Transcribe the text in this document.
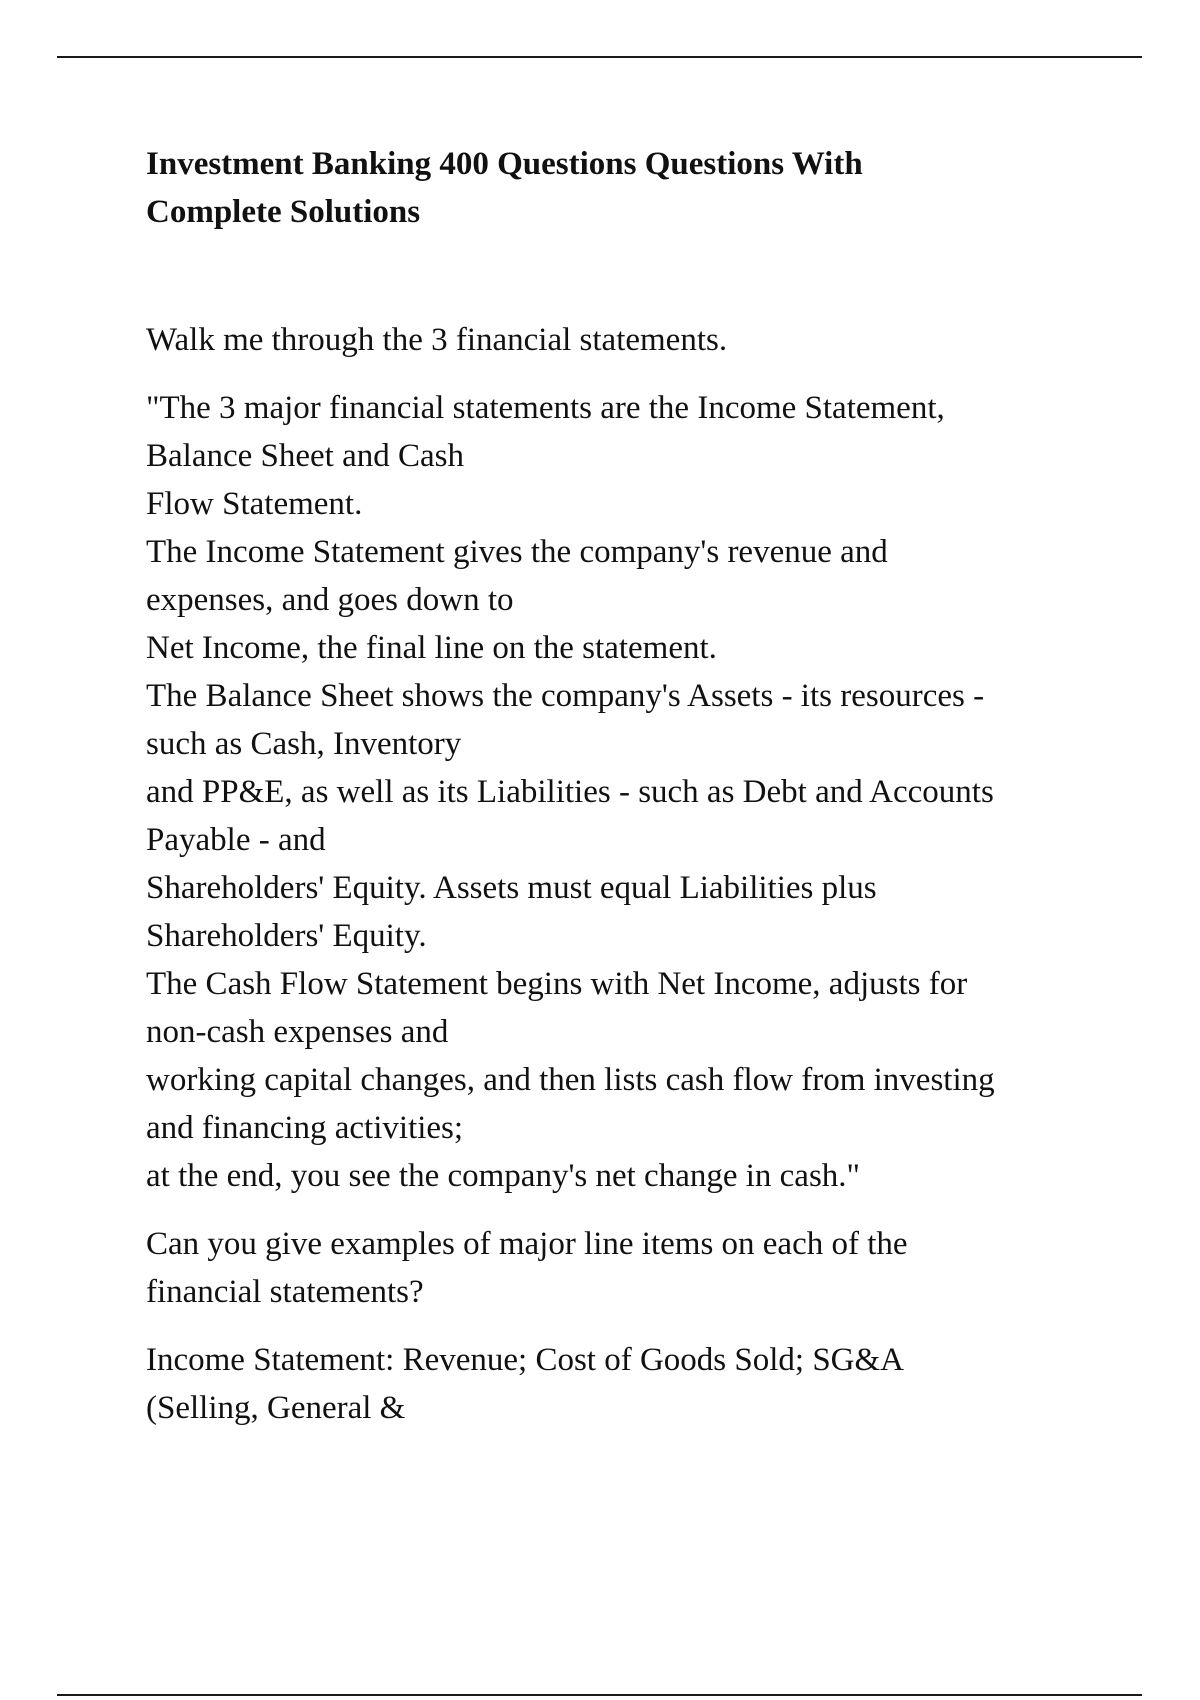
Investment Banking 400 Questions Questions With
Complete Solutions
Walk me through the 3 financial statements.
"The 3 major financial statements are the Income Statement,
Balance Sheet and Cash
Flow Statement.
The Income Statement gives the company's revenue and
expenses, and goes down to
Net Income, the final line on the statement.
The Balance Sheet shows the company's Assets - its resources -
such as Cash, Inventory
and PP&E, as well as its Liabilities - such as Debt and Accounts
Payable - and
Shareholders' Equity. Assets must equal Liabilities plus
Shareholders' Equity.
The Cash Flow Statement begins with Net Income, adjusts for
non-cash expenses and
working capital changes, and then lists cash flow from investing
and financing activities;
at the end, you see the company's net change in cash."
Can you give examples of major line items on each of the
financial statements?
Income Statement: Revenue; Cost of Goods Sold; SG&A
(Selling, General &
